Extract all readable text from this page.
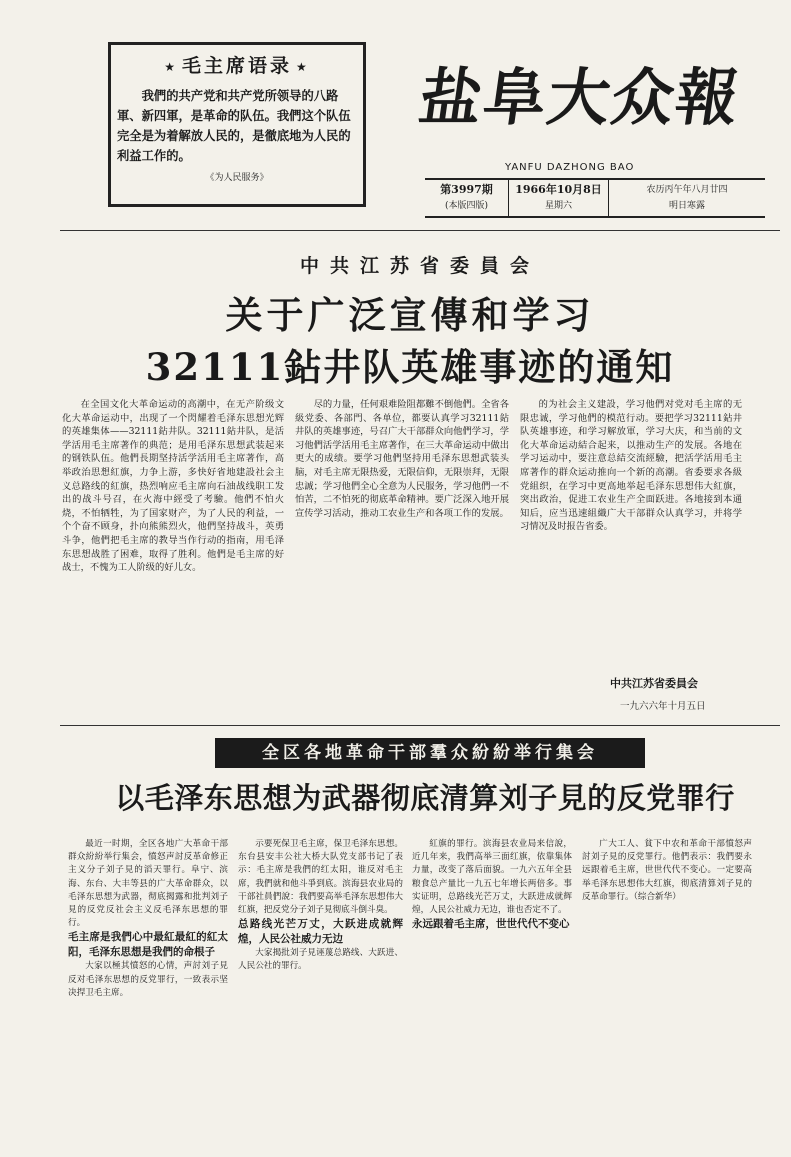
★ 毛主席语录 ★
我們的共产党和共产党所领导的八路軍、新四軍，是革命的队伍。我們这个队伍完全是为着解放人民的，是徹底地为人民的利益工作的。
《为人民服务》
盐阜大众報
YANFU DAZHONG BAO
第3997期
(本版四版)
1966年10月8日
星期六
农历丙午年八月廿四
明日寒露
中共江苏省委員会
关于广泛宣傳和学习
32111鉆井队英雄事迹的通知

在全国文化大革命运动的高潮中，在无产阶级文化大革命运动中，出现了一个閃耀着毛泽东思想光辉的英雄集体——32111鉆井队。32111鉆井队，是活学活用毛主席著作的典范；是用毛泽东思想武装起来的钢铁队伍。他們長期坚持活学活用毛主席著作，高举政治思想紅旗，力争上游，多快好省地建設社会主义总路线的紅旗，热烈响应毛主席向石油战线职工发出的战斗号召，在火海中經受了考驗。他們不怕火烧，不怕牺牲，为了国家财产，为了人民的利益，一个个奋不顾身，扑向熊熊烈火，他們坚持战斗，英勇斗争，他們把毛主席的教导当作行动的指南，用毛泽东思想战胜了困难，取得了胜利。他們是毛主席的好战士，不愧为工人阶级的好儿女。

尽的力量，任何艰难险阻都難不倒他們。全省各級党委、各部門、各单位，都要认真学习32111鉆井队的英雄事迹，号召广大干部群众向他們学习，学习他們活学活用毛主席著作，在三大革命运动中做出更大的成绩。要学习他們坚持用毛泽东思想武装头脑，对毛主席无限热爱，无限信仰，无限崇拜，无限忠誠；学习他們全心全意为人民服务，学习他們一不怕苦，二不怕死的彻底革命精神。要广泛深入地开展宣传学习活动，推动工农业生产和各项工作的发展。

的为社会主义建設，学习他們对党对毛主席的无限忠诚，学习他們的模范行动。要把学习32111鉆井队英雄事迹，和学习解放軍，学习大庆，和当前的文化大革命运动結合起来，以推动生产的发展。各地在学习运动中，要注意总結交流經驗，把活学活用毛主席著作的群众运动推向一个新的高潮。省委要求各級党組织，在学习中更高地举起毛泽东思想伟大紅旗，突出政治，促进工农业生产全面跃进。各地接到本通知后，应当迅速組織广大干部群众认真学习，并将学习情况及时报告省委。

中共江苏省委員会
一九六六年十月五日
全区各地革命干部羣众紛紛举行集会
以毛泽东思想为武器彻底清算刘子見的反党罪行

最近一时期，全区各地广大革命干部群众紛紛举行集会，憤怒声討反革命修正主义分子刘子見的滔天罪行。阜宁、滨海、东台、大丰等县的广大革命群众，以毛泽东思想为武器，彻底揭露和批判刘子見的反党反社会主义反毛泽东思想的罪行。

毛主席是我們心中最紅最紅的紅太阳，毛泽东思想是我們的命根子

大家以極其憤怒的心情，声討刘子見反对毛泽东思想的反党罪行，一致表示坚决捍卫毛主席。

示要死保卫毛主席，保卫毛泽东思想。东台县安丰公社大桥大队党支部书记了表示：毛主席是我們的红太阳，谁反对毛主席，我們就和他斗爭到底。滨海县农业局的干部社員們說：我們要高举毛泽东思想伟大红旗，把反党分子刘子見彻底斗倒斗臭。

总路线光芒万丈，大跃进成就辉煌，人民公社威力无边

大家揭批刘子見诬蔑总路线、大跃进、人民公社的罪行。

紅旗的罪行。滨海县农业局来信說，近几年来，我們高举三面红旗，依靠集体力量，改变了落后面貌。一九六五年全县粮食总产量比一九五七年增长两倍多。事实证明，总路线光芒万丈，大跃进成就辉煌，人民公社威力无边，谁也否定不了。

永远跟着毛主席，世世代代不变心

广大工人、貧下中农和革命干部憤怒声討刘子見的反党罪行。他們表示：我們要永远跟着毛主席，世世代代不变心。一定要高举毛泽东思想伟大红旗，彻底清算刘子見的反革命罪行。（综合新华）
